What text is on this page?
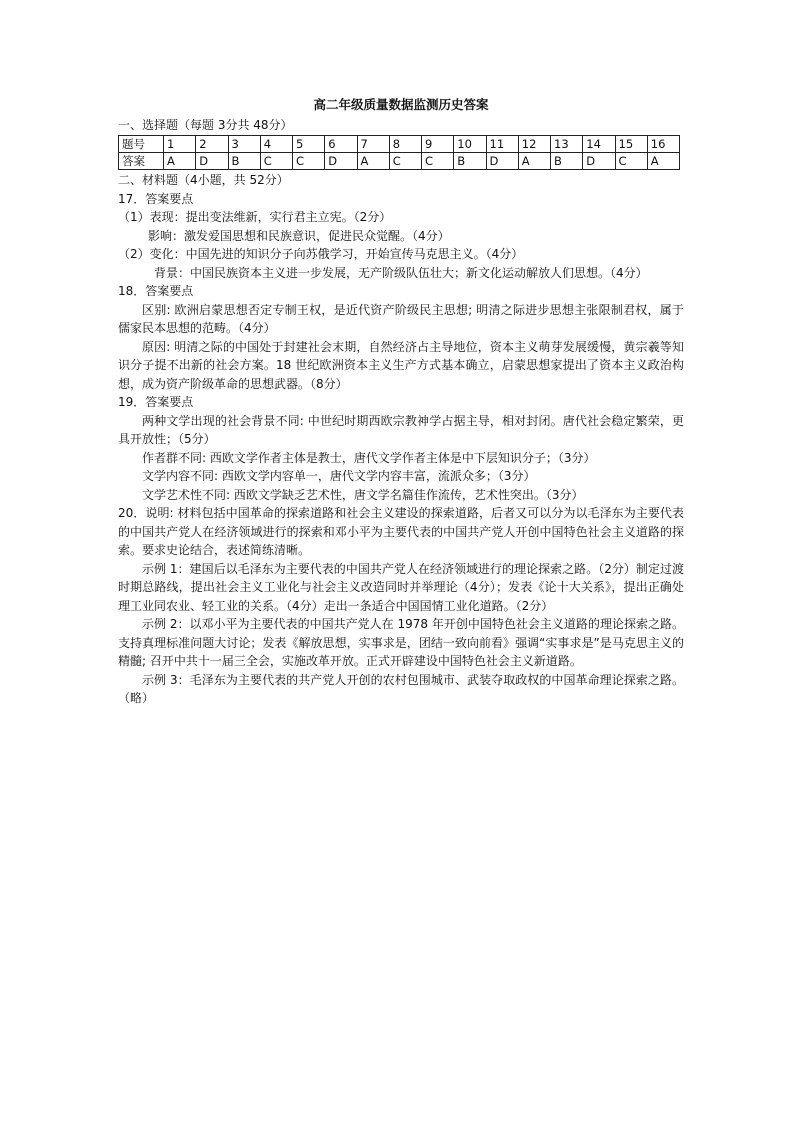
高二年级质量数据监测历史答案
一、选择题（每题 3分共 48分）
题号	1	2	3	4	5	6	7	8	9	10	11	12	13	14	15	16
答案	A	D	B	C	C	D	A	C	C	B	D	A	B	D	C	A
二、材料题（4小题，共 52分）
17．答案要点
（1）表现：提出变法维新，实行君主立宪。（2分）
影响：激发爱国思想和民族意识，促进民众觉醒。（4分）
（2）变化：中国先进的知识分子向苏俄学习，开始宣传马克思主义。（4分）
背景：中国民族资本主义进一步发展，无产阶级队伍壮大；新文化运动解放人们思想。（4分）
18．答案要点
区别: 欧洲启蒙思想否定专制王权，是近代资产阶级民主思想; 明清之际进步思想主张限制君权，属于儒家民本思想的范畴。（4分）
原因: 明清之际的中国处于封建社会末期，自然经济占主导地位，资本主义萌芽发展缓慢，黄宗羲等知识分子提不出新的社会方案。18 世纪欧洲资本主义生产方式基本确立，启蒙思想家提出了资本主义政治构想，成为资产阶级革命的思想武器。（8分）
19．答案要点
两种文学出现的社会背景不同: 中世纪时期西欧宗教神学占据主导，相对封闭。唐代社会稳定繁荣，更具开放性；（5分）
作者群不同: 西欧文学作者主体是教士，唐代文学作者主体是中下层知识分子；（3分）
文学内容不同: 西欧文学内容单一，唐代文学内容丰富，流派众多；（3分）
文学艺术性不同: 西欧文学缺乏艺术性，唐文学名篇佳作流传，艺术性突出。（3分）
20．说明: 材料包括中国革命的探索道路和社会主义建设的探索道路，后者又可以分为以毛泽东为主要代表的中国共产党人在经济领域进行的探索和邓小平为主要代表的中国共产党人开创中国特色社会主义道路的探索。要求史论结合，表述简练清晰。
示例 1：建国后以毛泽东为主要代表的中国共产党人在经济领域进行的理论探索之路。（2分）制定过渡时期总路线，提出社会主义工业化与社会主义改造同时并举理论（4分）；发表《论十大关系》，提出正确处理工业同农业、轻工业的关系。（4分）走出一条适合中国国情工业化道路。（2分）
示例 2：以邓小平为主要代表的中国共产党人在 1978 年开创中国特色社会主义道路的理论探索之路。支持真理标准问题大讨论；发表《解放思想，实事求是，团结一致向前看》强调“实事求是”是马克思主义的精髓; 召开中共十一届三全会，实施改革开放。正式开辟建设中国特色社会主义新道路。
示例 3：毛泽东为主要代表的共产党人开创的农村包围城市、武装夺取政权的中国革命理论探索之路。（略）
